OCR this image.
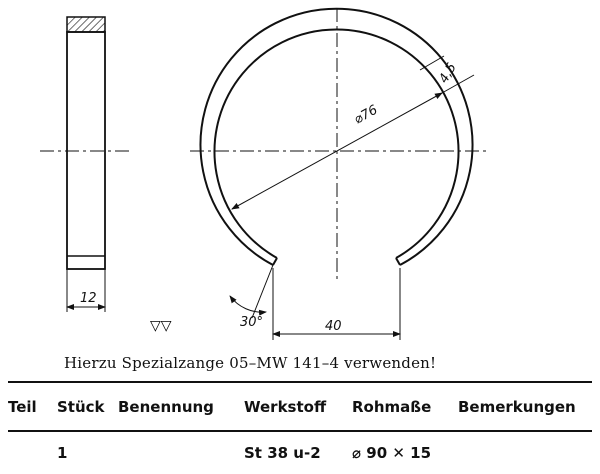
12
▽▽
⌀76
4,5
40
30°
Hierzu Spezialzange 05–MW 141–4 verwenden!
Teil Stück Benennung Werkstoff Rohmaße Bemerkungen
1	St 38 u-2 ⌀ 90 ✕ 15
